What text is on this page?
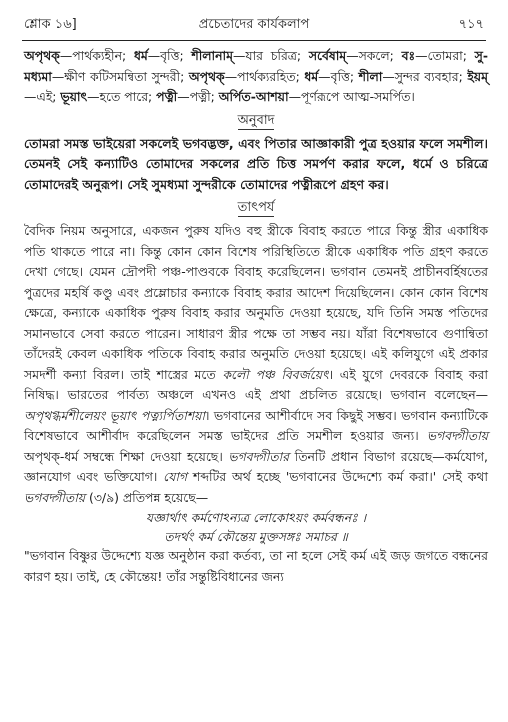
শ্লোক ১৬]	প্রচেতাদের কার্যকলাপ	৭১৭

অপৃথক্—পার্থক্যহীন; ধর্ম—বৃত্তি; শীলানাম্—যার চরিত্র; সর্বেষাম্—সকলে; বঃ—তোমরা; সু-মধ্যমা—ক্ষীণ কটিসমন্বিতা সুন্দরী; অপৃথক্—পার্থক্যরহিত; ধর্ম—বৃত্তি; শীলা—সুন্দর ব্যবহার; ইয়ম্—এই; ভূয়াৎ—হতে পারে; পত্নী—পত্নী; অর্পিত-আশয়া—পূর্ণরূপে আত্ম-সমর্পিত।

অনুবাদ

তোমরা সমস্ত ভাইয়েরা সকলেই ভগবদ্ভক্ত, এবং পিতার আজ্ঞাকারী পুত্র হওয়ার ফলে সমশীল। তেমনই সেই কন্যাটিও তোমাদের সকলের প্রতি চিত্ত সমর্পণ করার ফলে, ধর্মে ও চরিত্রে তোমাদেরই অনুরূপ। সেই সুমধ্যমা সুন্দরীকে তোমাদের পত্নীরূপে গ্রহণ কর।

তাৎপর্য

বৈদিক নিয়ম অনুসারে, একজন পুরুষ যদিও বহু স্ত্রীকে বিবাহ করতে পারে কিন্তু স্ত্রীর একাধিক পতি থাকতে পারে না। কিন্তু কোন কোন বিশেষ পরিস্থিতিতে স্ত্রীকে একাধিক পতি গ্রহণ করতে দেখা গেছে। যেমন দ্রৌপদী পঞ্চ-পাণ্ডবকে বিবাহ করেছিলেন। ভগবান তেমনই প্রাচীনবর্হিষতের পুত্রদের মহর্ষি কণ্ডু এবং প্রম্লোচার কন্যাকে বিবাহ করার আদেশ দিয়েছিলেন। কোন কোন বিশেষ ক্ষেত্রে, কন্যাকে একাধিক পুরুষ বিবাহ করার অনুমতি দেওয়া হয়েছে, যদি তিনি সমস্ত পতিদের সমানভাবে সেবা করতে পারেন। সাধারণ স্ত্রীর পক্ষে তা সম্ভব নয়। যাঁরা বিশেষভাবে গুণান্বিতা তাঁদেরই কেবল একাধিক পতিকে বিবাহ করার অনুমতি দেওয়া হয়েছে। এই কলিযুগে এই প্রকার সমদর্শী কন্যা বিরল। তাই শাস্ত্রের মতে কলৌ পঞ্চ বিবর্জয়েৎ। এই যুগে দেবরকে বিবাহ করা নিষিদ্ধ। ভারতের পার্বত্য অঞ্চলে এখনও এই প্রথা প্রচলিত রয়েছে। ভগবান বলেছেন—অপৃথগ্ধর্মশীলেয়ং ভূয়াৎ পত্ন্যর্পিতাশয়া। ভগবানের আশীর্বাদে সব কিছুই সম্ভব। ভগবান কন্যাটিকে বিশেষভাবে আশীর্বাদ করেছিলেন সমস্ত ভাইদের প্রতি সমশীল হওয়ার জন্য। ভগবদ্গীতায় অপৃথক্-ধর্ম সম্বন্ধে শিক্ষা দেওয়া হয়েছে। ভগবদ্গীতার তিনটি প্রধান বিভাগ রয়েছে—কর্মযোগ, জ্ঞানযোগ এবং ভক্তিযোগ। যোগ শব্দটির অর্থ হচ্ছে 'ভগবানের উদ্দেশ্যে কর্ম করা।' সেই কথা ভগবদ্গীতায় (৩/৯) প্রতিপন্ন হয়েছে—

যজ্ঞার্থাৎ কর্মণোঽন্যত্র লোকোঽয়ং কর্মবন্ধনঃ ।
তদর্থং কর্ম কৌন্তেয় মুক্তসঙ্গঃ সমাচর ॥

"ভগবান বিষ্ণুর উদ্দেশ্যে যজ্ঞ অনুষ্ঠান করা কর্তব্য, তা না হলে সেই কর্ম এই জড় জগতে বন্ধনের কারণ হয়। তাই, হে কৌন্তেয়! তাঁর সন্তুষ্টিবিধানের জন্য
